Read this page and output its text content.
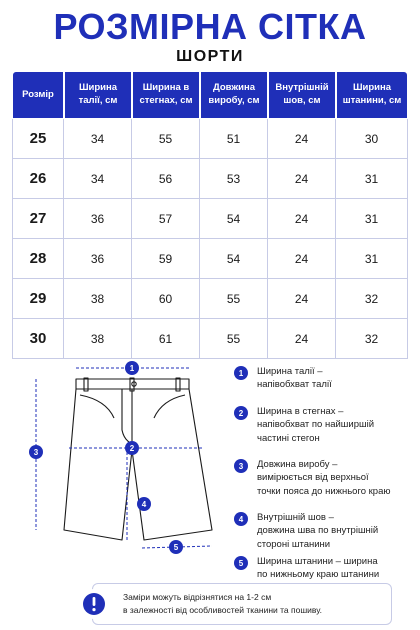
РОЗМІРНА СІТКА
ШОРТИ
Розмір	Ширина талії, см	Ширина в стегнах, см	Довжина виробу, см	Внутрішній шов, см	Ширина штанини, см
25	34	55	51	24	30
26	34	56	53	24	31
27	36	57	54	24	31
28	36	59	54	24	31
29	38	60	55	24	32
30	38	61	55	24	32
1
2
3
4
5
1	Ширина талії –
напівобхват талії
2	Ширина в стегнах –
напівобхват по найширшій
частині стегон
3	Довжина виробу –
вимірюється від верхньої
точки пояса до нижнього краю
4	Внутрішній шов –
довжина шва по внутрішній
стороні штанини
5	Ширина штанини – ширина
по нижньому краю штанини
Заміри можуть відрізнятися на 1-2 см
в залежності від особливостей тканини та пошиву.
